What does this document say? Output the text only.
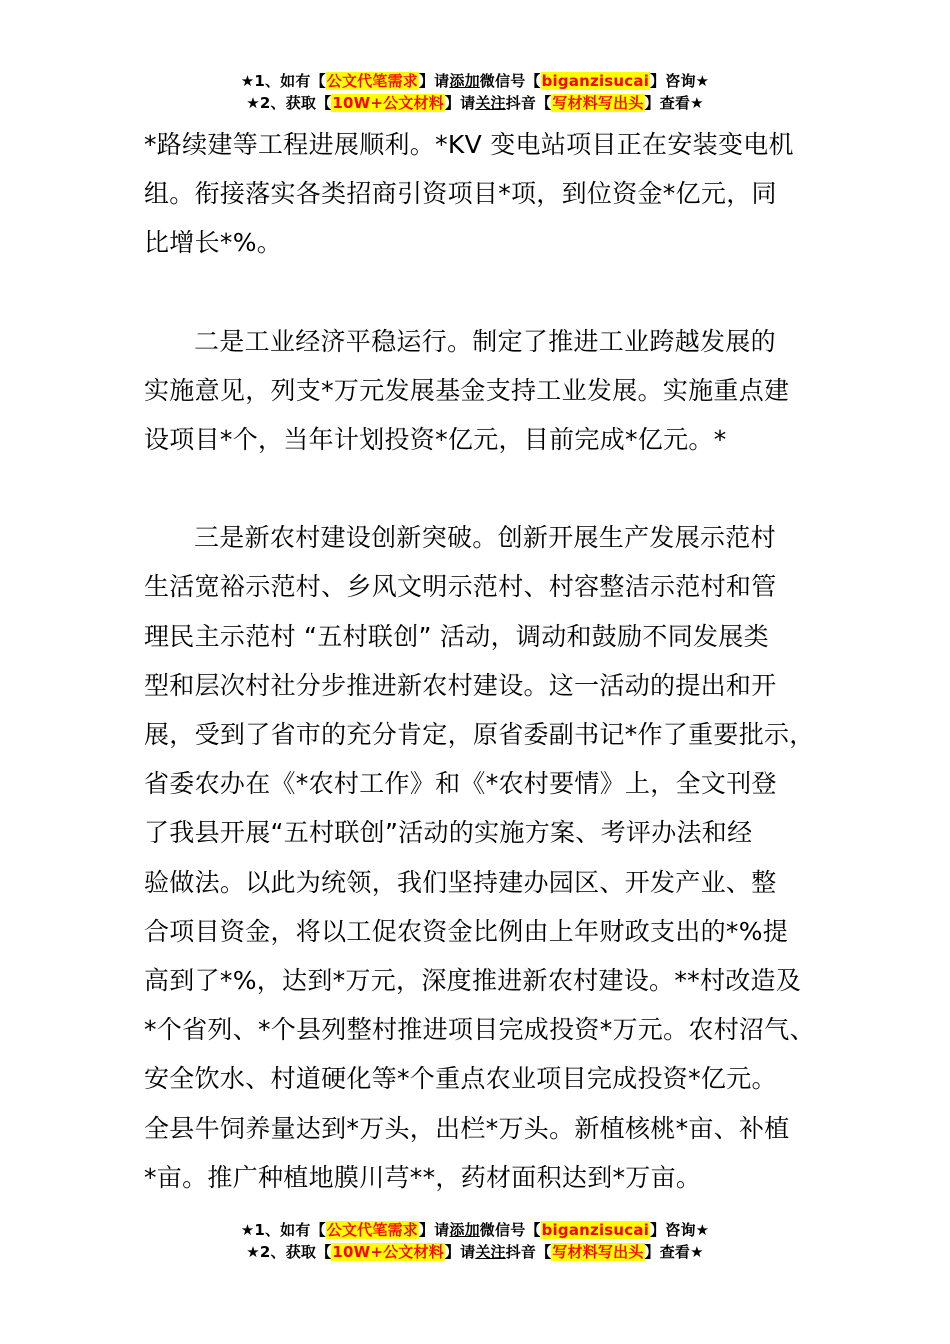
★1、如有【公文代笔需求】请添加微信号【biganzisucai】咨询★
★2、获取【10W+公文材料】请关注抖音【写材料写出头】查看★

*路续建等工程进展顺利。*KV 变电站项目正在安装变电机

组。衔接落实各类招商引资项目*项，到位资金*亿元，同

比增长*%。

二是工业经济平稳运行。制定了推进工业跨越发展的

实施意见，列支*万元发展基金支持工业发展。实施重点建

设项目*个，当年计划投资*亿元，目前完成*亿元。*

三是新农村建设创新突破。创新开展生产发展示范村

生活宽裕示范村、乡风文明示范村、村容整洁示范村和管

理民主示范村 “五村联创” 活动，调动和鼓励不同发展类

型和层次村社分步推进新农村建设。这一活动的提出和开

展，受到了省市的充分肯定，原省委副书记*作了重要批示，

省委农办在《*农村工作》和《*农村要情》上，全文刊登

了我县开展“五村联创”活动的实施方案、考评办法和经

验做法。以此为统领，我们坚持建办园区、开发产业、整

合项目资金，将以工促农资金比例由上年财政支出的*%提

高到了*%，达到*万元，深度推进新农村建设。**村改造及

*个省列、*个县列整村推进项目完成投资*万元。农村沼气、

安全饮水、村道硬化等*个重点农业项目完成投资*亿元。

全县牛饲养量达到*万头，出栏*万头。新植核桃*亩、补植

*亩。推广种植地膜川芎**，药材面积达到*万亩。

★1、如有【公文代笔需求】请添加微信号【biganzisucai】咨询★
★2、获取【10W+公文材料】请关注抖音【写材料写出头】查看★
